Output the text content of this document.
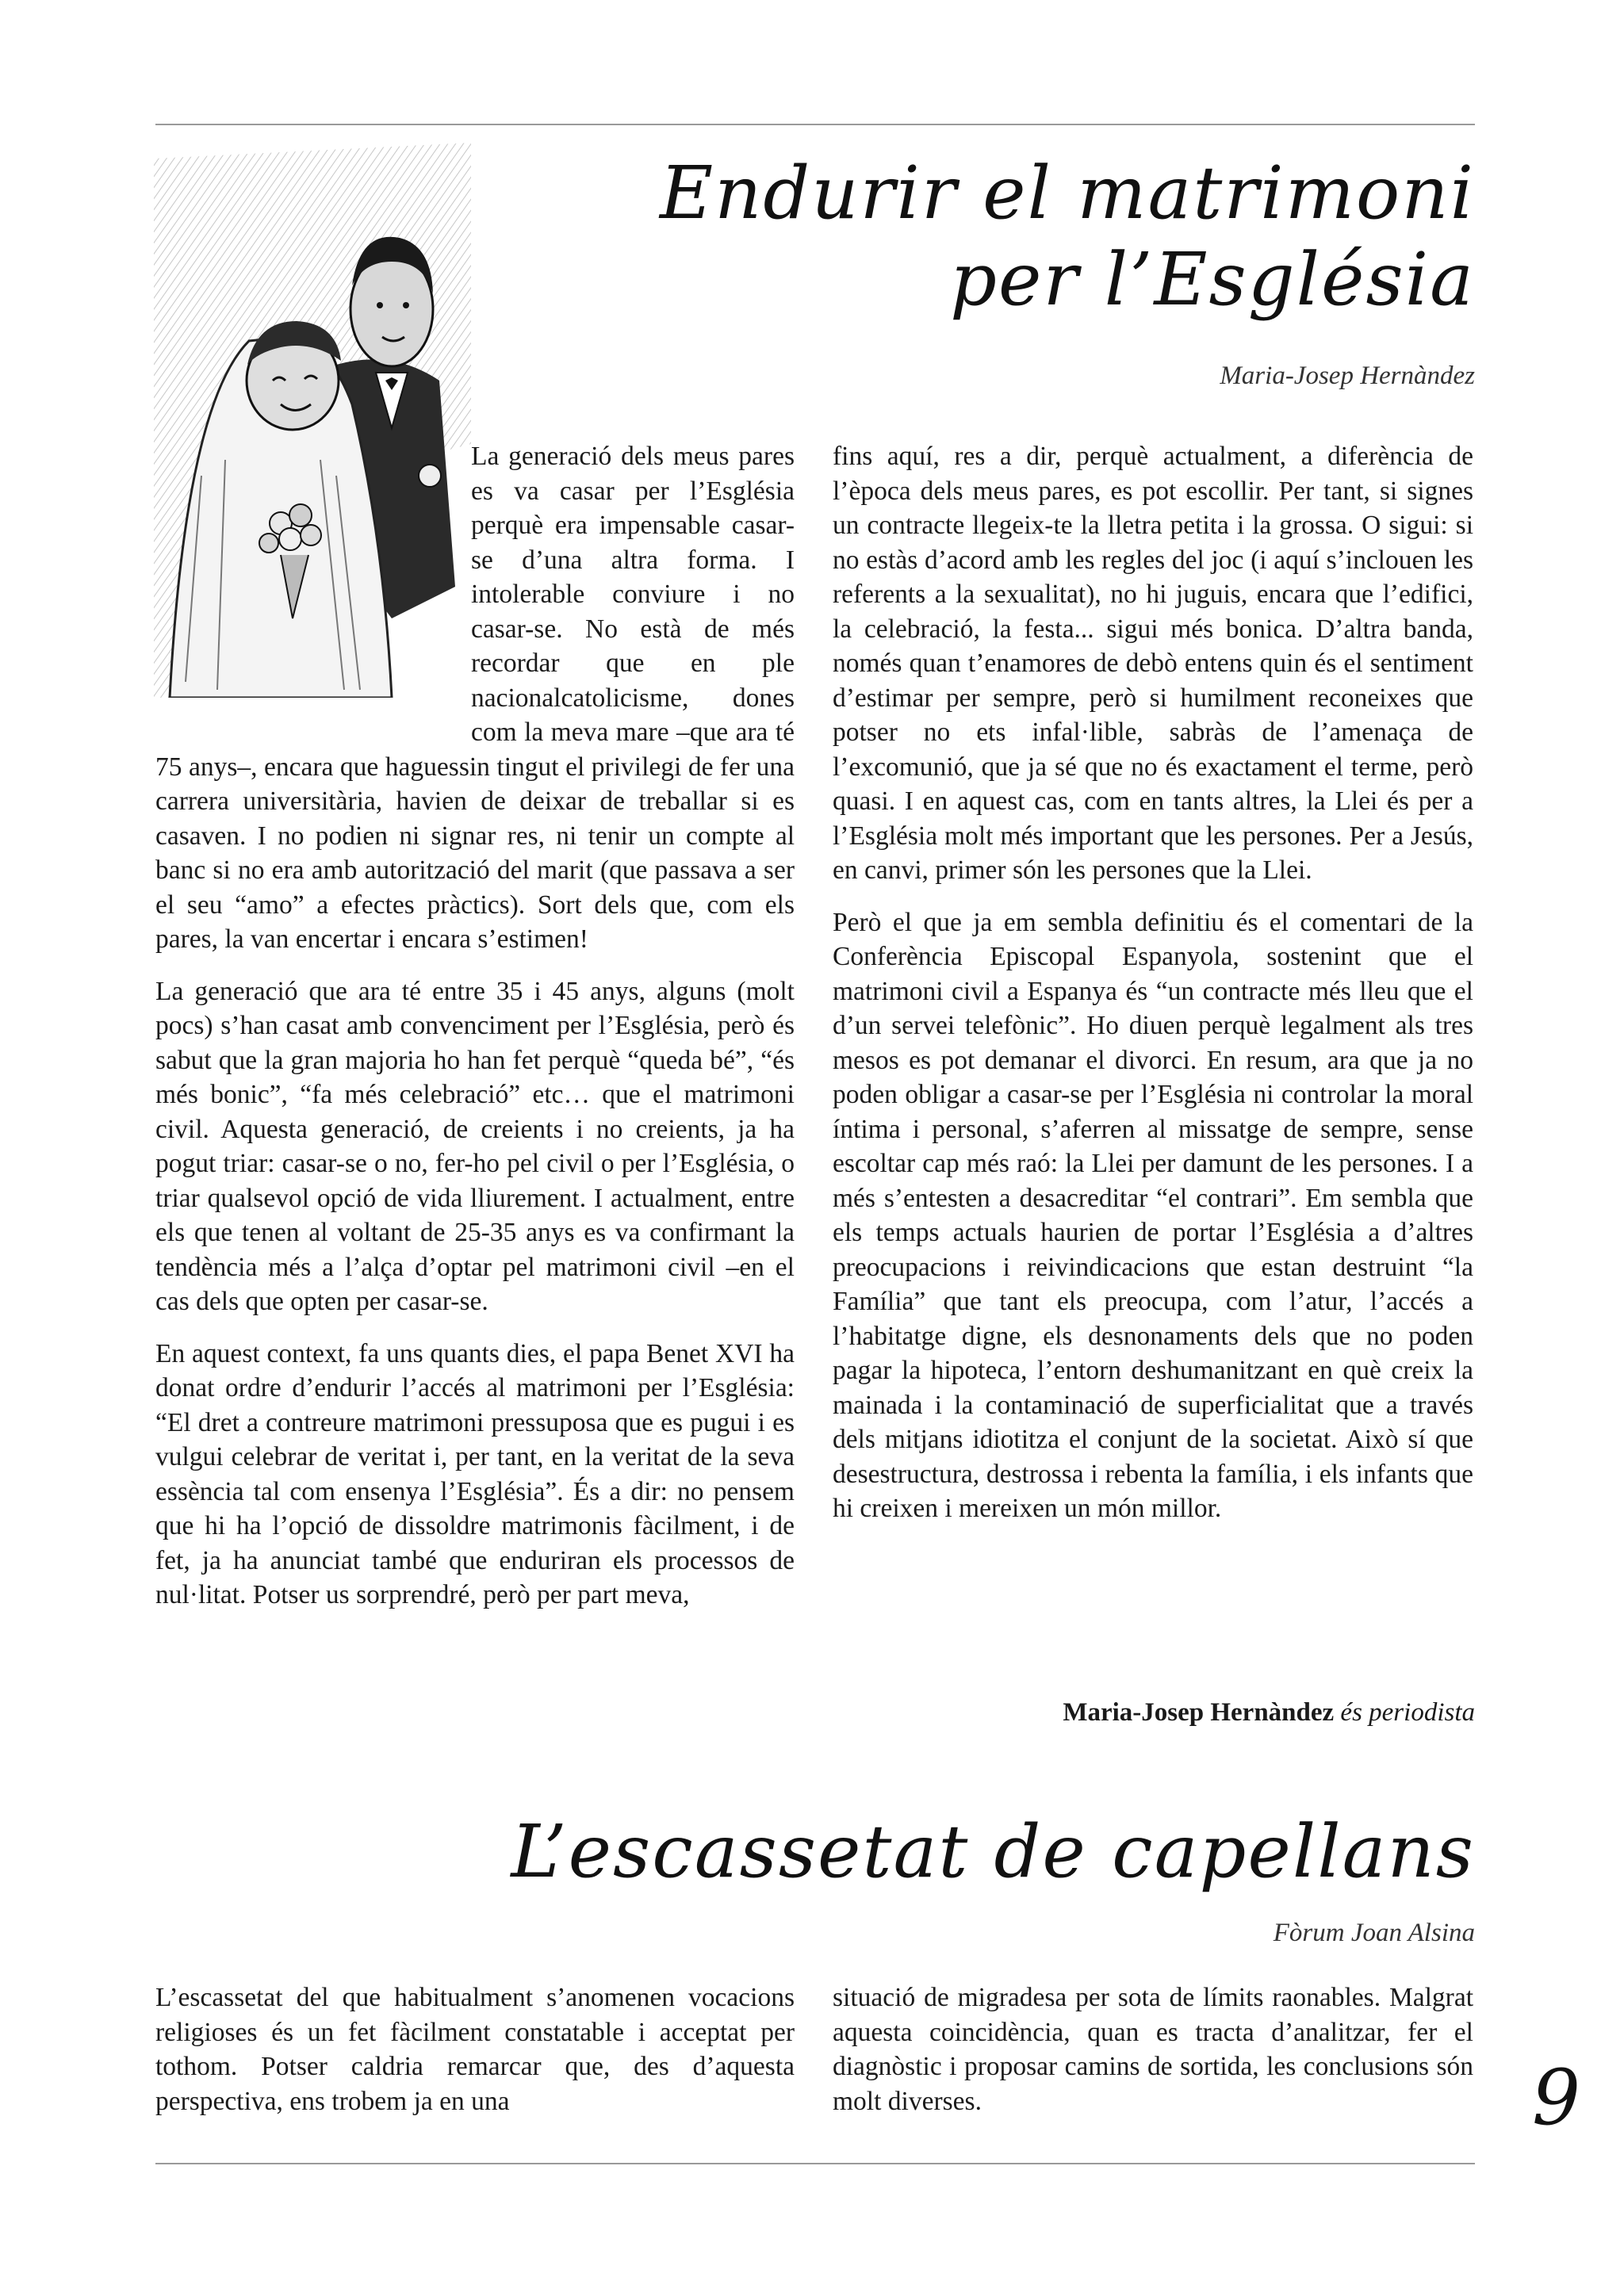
Endurir el matrimoni
per l’Església
Maria-Josep Hernàndez

La generació dels meus pares es va casar per l’Església perquè era impensable casar-se d’una altra forma. I intolerable conviure i no casar-se. No està de més recordar que en ple nacionalcatolicisme, dones com la meva mare –que ara té 75 anys–, encara que haguessin tingut el privilegi de fer una carrera universitària, havien de deixar de treballar si es casaven. I no podien ni signar res, ni tenir un compte al banc si no era amb autorització del marit (que passava a ser el seu “amo” a efectes pràctics). Sort dels que, com els pares, la van encertar i encara s’estimen!

La generació que ara té entre 35 i 45 anys, alguns (molt pocs) s’han casat amb convenciment per l’Església, però és sabut que la gran majoria ho han fet perquè “queda bé”, “és més bonic”, “fa més celebració” etc… que el matrimoni civil. Aquesta generació, de creients i no creients, ja ha pogut triar: casar-se o no, fer-ho pel civil o per l’Església, o triar qualsevol opció de vida lliurement. I actualment, entre els que tenen al voltant de 25-35 anys es va confirmant la tendència més a l’alça d’optar pel matrimoni civil –en el cas dels que opten per casar-se.

En aquest context, fa uns quants dies, el papa Benet XVI ha donat ordre d’endurir l’accés al matrimoni per l’Església: “El dret a contreure matrimoni pressuposa que es pugui i es vulgui celebrar de veritat i, per tant, en la veritat de la seva essència tal com ensenya l’Església”. És a dir: no pensem que hi ha l’opció de dissoldre matrimonis fàcilment, i de fet, ja ha anunciat també que enduriran els processos de nul·litat. Potser us sorprendré, però per part meva,

fins aquí, res a dir, perquè actualment, a diferència de l’època dels meus pares, es pot escollir. Per tant, si signes un contracte llegeix-te la lletra petita i la grossa. O sigui: si no estàs d’acord amb les regles del joc (i aquí s’inclouen les referents a la sexualitat), no hi juguis, encara que l’edifici, la celebració, la festa... sigui més bonica. D’altra banda, només quan t’enamores de debò entens quin és el sentiment d’estimar per sempre, però si humilment reconeixes que potser no ets infal·lible, sabràs de l’amenaça de l’excomunió, que ja sé que no és exactament el terme, però quasi. I en aquest cas, com en tants altres, la Llei és per a l’Església molt més important que les persones. Per a Jesús, en canvi, primer són les persones que la Llei.

Però el que ja em sembla definitiu és el comentari de la Conferència Episcopal Espanyola, sostenint que el matrimoni civil a Espanya és “un contracte més lleu que el d’un servei telefònic”. Ho diuen perquè legalment als tres mesos es pot demanar el divorci. En resum, ara que ja no poden obligar a casar-se per l’Església ni controlar la moral íntima i personal, s’aferren al missatge de sempre, sense escoltar cap més raó: la Llei per damunt de les persones. I a més s’entesten a desacreditar “el contrari”. Em sembla que els temps actuals haurien de portar l’Església a d’altres preocupacions i reivindicacions que estan destruint “la Família” que tant els preocupa, com l’atur, l’accés a l’habitatge digne, els desnonaments dels que no poden pagar la hipoteca, l’entorn deshumanitzant en què creix la mainada i la contaminació de superficialitat que a través dels mitjans idiotitza el conjunt de la societat. Això sí que desestructura, destrossa i rebenta la família, i els infants que hi creixen i mereixen un món millor.

Maria-Josep Hernàndez és periodista
L’escassetat de capellans
Fòrum Joan Alsina

L’escassetat del que habitualment s’anomenen vocacions religioses és un fet fàcilment constatable i acceptat per tothom. Potser caldria remarcar que, des d’aquesta perspectiva, ens trobem ja en una

situació de migradesa per sota de límits raonables. Malgrat aquesta coincidència, quan es tracta d’analitzar, fer el diagnòstic i proposar camins de sortida, les conclusions són molt diverses.	9
